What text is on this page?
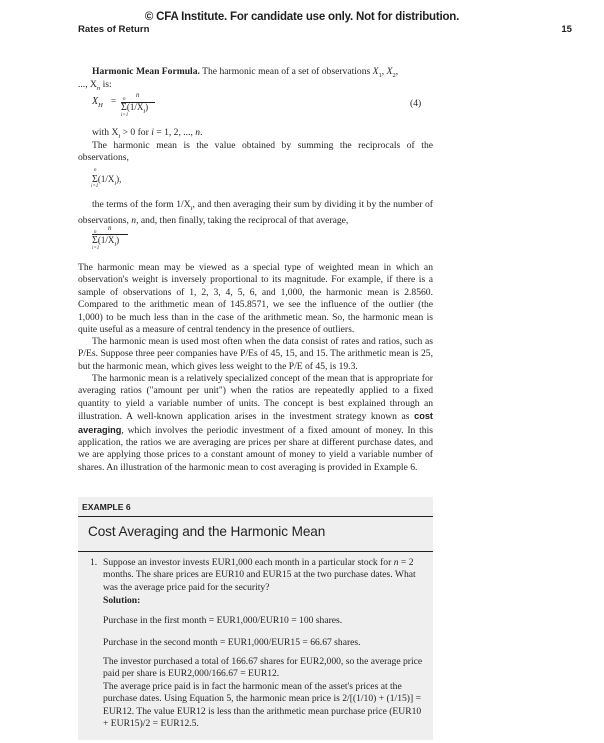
© CFA Institute. For candidate use only. Not for distribution.
Rates of Return	15
Harmonic Mean Formula. The harmonic mean of a set of observations $X_1$, $X_2$,
..., $X_n$ is:
$X_H$ =
n
$\Sigma(1/X_i)$
n
i=1
(4)
with $X_i > 0$ for i = 1, 2, ..., n.
The harmonic mean is the value obtained by summing the reciprocals of the observations,
$\Sigma(1/X_i)$,
n
i=1
the terms of the form $1/X_i$, and then averaging their sum by dividing it by the number of observations, n, and, then finally, taking the reciprocal of that average,
n
$\Sigma(1/X_i)$
n
i=1
The harmonic mean may be viewed as a special type of weighted mean in which an observation's weight is inversely proportional to its magnitude. For example, if there is a sample of observations of 1, 2, 3, 4, 5, 6, and 1,000, the harmonic mean is 2.8560. Compared to the arithmetic mean of 145.8571, we see the influence of the outlier (the 1,000) to be much less than in the case of the arithmetic mean. So, the harmonic mean is quite useful as a measure of central tendency in the presence of outliers.
The harmonic mean is used most often when the data consist of rates and ratios, such as P/Es. Suppose three peer companies have P/Es of 45, 15, and 15. The arithmetic mean is 25, but the harmonic mean, which gives less weight to the P/E of 45, is 19.3.
The harmonic mean is a relatively specialized concept of the mean that is appropriate for averaging ratios ("amount per unit") when the ratios are repeatedly applied to a fixed quantity to yield a variable number of units. The concept is best explained through an illustration. A well-known application arises in the investment strategy known as cost averaging, which involves the periodic investment of a fixed amount of money. In this application, the ratios we are averaging are prices per share at different purchase dates, and we are applying those prices to a constant amount of money to yield a variable number of shares. An illustration of the harmonic mean to cost averaging is provided in Example 6.
EXAMPLE 6
Cost Averaging and the Harmonic Mean
1. Suppose an investor invests EUR1,000 each month in a particular stock for n = 2 months. The share prices are EUR10 and EUR15 at the two purchase dates. What was the average price paid for the security?
Solution:
Purchase in the first month = EUR1,000/EUR10 = 100 shares.
Purchase in the second month = EUR1,000/EUR15 = 66.67 shares.
The investor purchased a total of 166.67 shares for EUR2,000, so the average price paid per share is EUR2,000/166.67 = EUR12.
The average price paid is in fact the harmonic mean of the asset's prices at the purchase dates. Using Equation 5, the harmonic mean price is 2/[(1/10) + (1/15)] = EUR12. The value EUR12 is less than the arithmetic mean purchase price (EUR10 + EUR15)/2 = EUR12.5.
